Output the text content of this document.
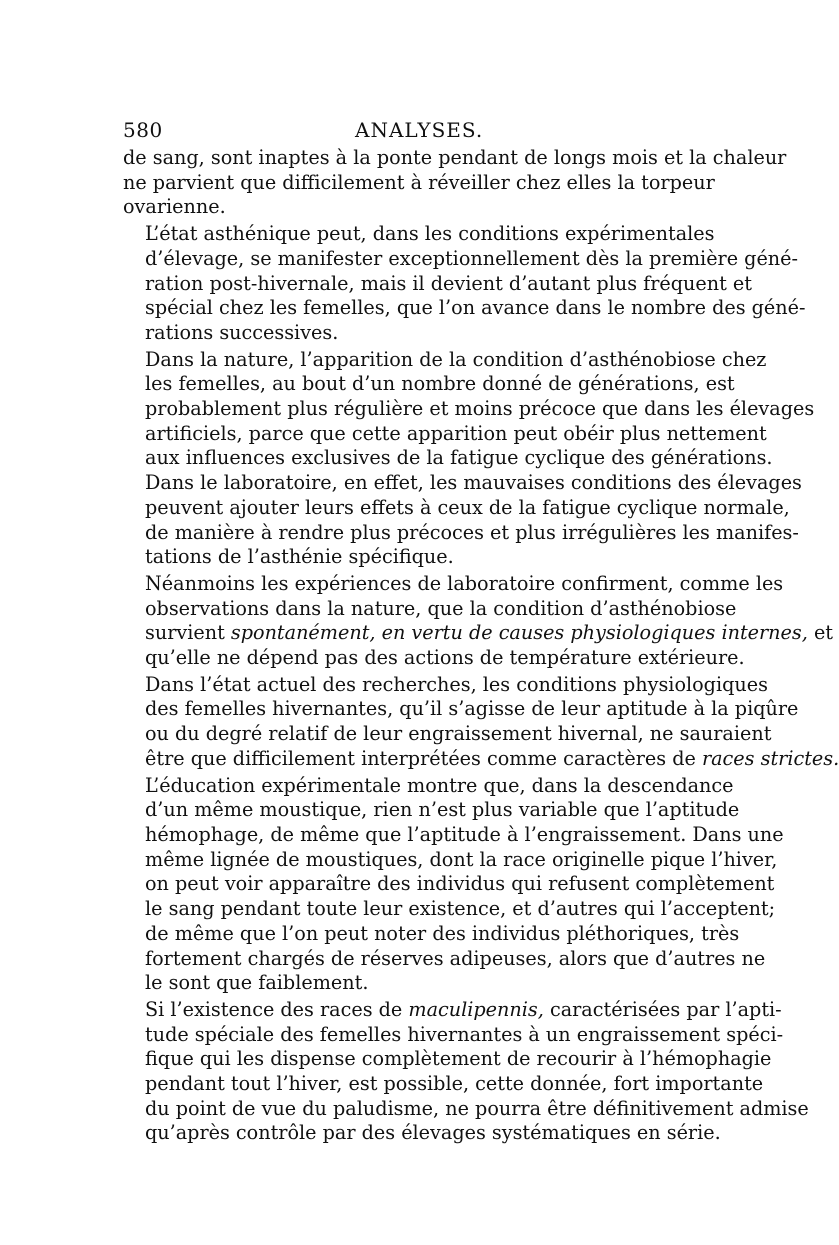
580	ANALYSES.

de sang, sont inaptes à la ponte pendant de longs mois et la chaleur
ne parvient que difficilement à réveiller chez elles la torpeur
ovarienne.

L’état asthénique peut, dans les conditions expérimentales
d’élevage, se manifester exceptionnellement dès la première géné-
ration post-hivernale, mais il devient d’autant plus fréquent et
spécial chez les femelles, que l’on avance dans le nombre des géné-
rations successives.

Dans la nature, l’apparition de la condition d’asthénobiose chez
les femelles, au bout d’un nombre donné de générations, est
probablement plus régulière et moins précoce que dans les élevages
artificiels, parce que cette apparition peut obéir plus nettement
aux influences exclusives de la fatigue cyclique des générations.
Dans le laboratoire, en effet, les mauvaises conditions des élevages
peuvent ajouter leurs effets à ceux de la fatigue cyclique normale,
de manière à rendre plus précoces et plus irrégulières les manifes-
tations de l’asthénie spécifique.

Néanmoins les expériences de laboratoire confirment, comme les
observations dans la nature, que la condition d’asthénobiose
survient spontanément, en vertu de causes physiologiques internes, et
qu’elle ne dépend pas des actions de température extérieure.

Dans l’état actuel des recherches, les conditions physiologiques
des femelles hivernantes, qu’il s’agisse de leur aptitude à la piqûre
ou du degré relatif de leur engraissement hivernal, ne sauraient
être que difficilement interprétées comme caractères de races strictes.

L’éducation expérimentale montre que, dans la descendance
d’un même moustique, rien n’est plus variable que l’aptitude
hémophage, de même que l’aptitude à l’engraissement. Dans une
même lignée de moustiques, dont la race originelle pique l’hiver,
on peut voir apparaître des individus qui refusent complètement
le sang pendant toute leur existence, et d’autres qui l’acceptent;
de même que l’on peut noter des individus pléthoriques, très
fortement chargés de réserves adipeuses, alors que d’autres ne
le sont que faiblement.

Si l’existence des races de maculipennis, caractérisées par l’apti-
tude spéciale des femelles hivernantes à un engraissement spéci-
fique qui les dispense complètement de recourir à l’hémophagie
pendant tout l’hiver, est possible, cette donnée, fort importante
du point de vue du paludisme, ne pourra être définitivement admise
qu’après contrôle par des élevages systématiques en série.
